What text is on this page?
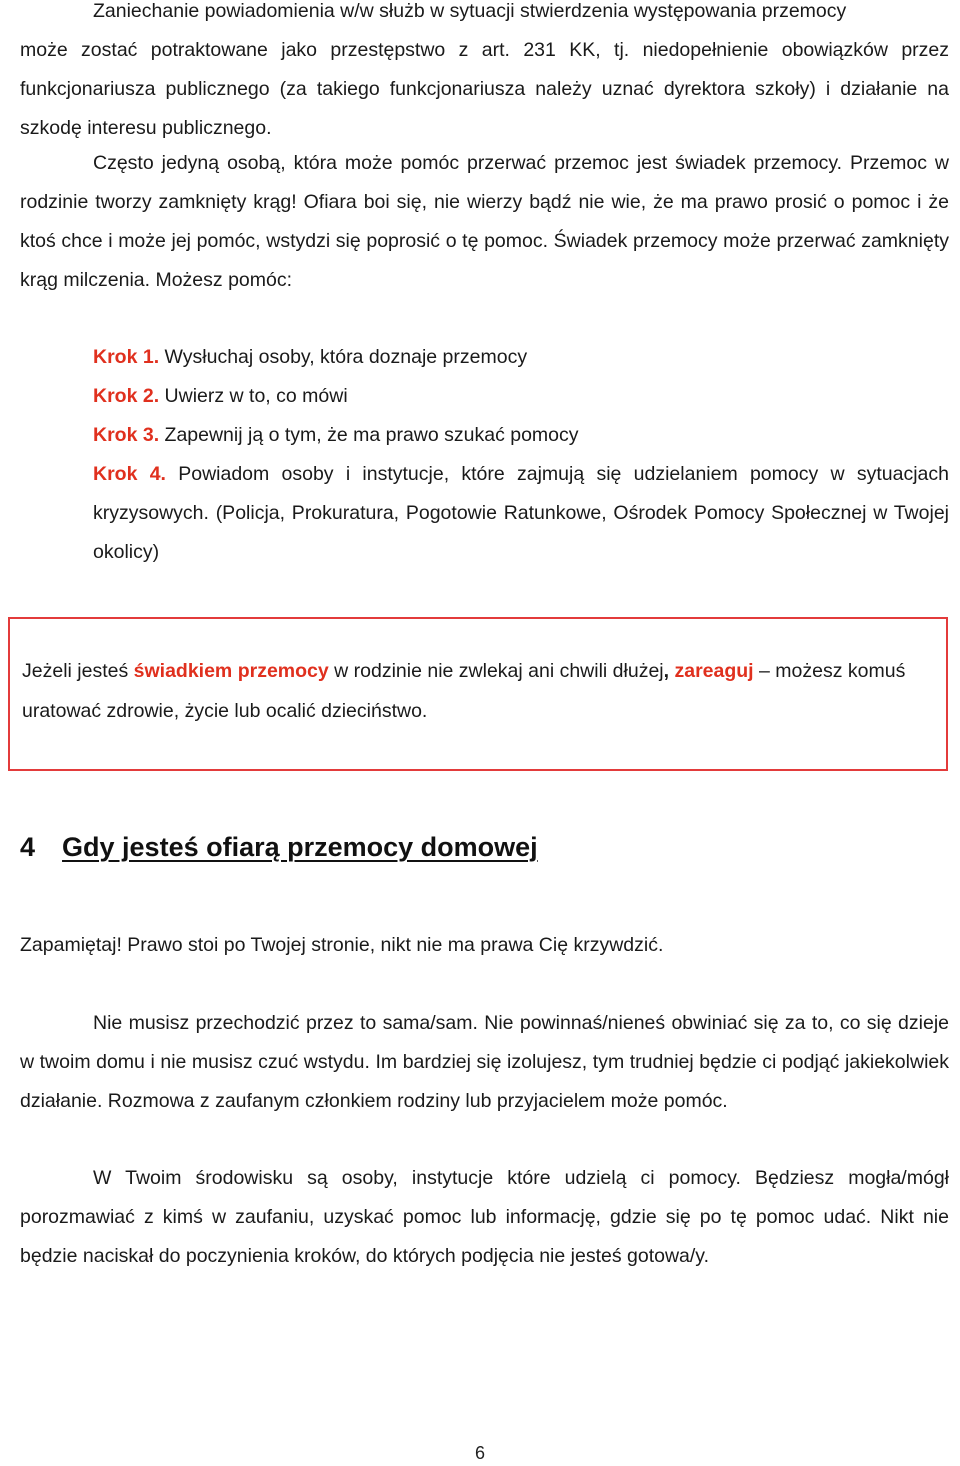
Zaniechanie powiadomienia w/w służb w sytuacji stwierdzenia występowania przemocy

może zostać potraktowane jako przestępstwo z art. 231 KK, tj. niedopełnienie obowiązków przez funkcjonariusza publicznego (za takiego funkcjonariusza należy uznać dyrektora szkoły) i działanie na szkodę interesu publicznego.

Często jedyną osobą, która może pomóc przerwać przemoc jest świadek przemocy. Przemoc w rodzinie tworzy zamknięty krąg! Ofiara boi się, nie wierzy bądź nie wie, że ma prawo prosić o pomoc i że ktoś chce i może jej pomóc, wstydzi się poprosić o tę pomoc. Świadek przemocy może przerwać zamknięty krąg milczenia. Możesz pomóc:

Krok 1. Wysłuchaj osoby, która doznaje przemocy

Krok 2. Uwierz w to, co mówi

Krok 3. Zapewnij ją o tym, że ma prawo szukać pomocy

Krok 4. Powiadom osoby i instytucje, które zajmują się udzielaniem pomocy w sytuacjach kryzysowych. (Policja, Prokuratura, Pogotowie Ratunkowe, Ośrodek Pomocy Społecznej w Twojej okolicy)

Jeżeli jesteś świadkiem przemocy w rodzinie nie zwlekaj ani chwili dłużej, zareaguj – możesz komuś uratować zdrowie, życie lub ocalić dzieciństwo.
4 Gdy jesteś ofiarą przemocy domowej
Zapamiętaj! Prawo stoi po Twojej stronie, nikt nie ma prawa Cię krzywdzić.
Nie musisz przechodzić przez to sama/sam. Nie powinnaś/nieneś obwiniać się za to, co się dzieje w twoim domu i nie musisz czuć wstydu. Im bardziej się izolujesz, tym trudniej będzie ci podjąć jakiekolwiek działanie. Rozmowa z zaufanym członkiem rodziny lub przyjacielem może pomóc.
W Twoim środowisku są osoby, instytucje które udzielą ci pomocy. Będziesz mogła/mógł porozmawiać z kimś w zaufaniu, uzyskać pomoc lub informację, gdzie się po tę pomoc udać. Nikt nie będzie naciskał do poczynienia kroków, do których podjęcia nie jesteś gotowa/y.
6
